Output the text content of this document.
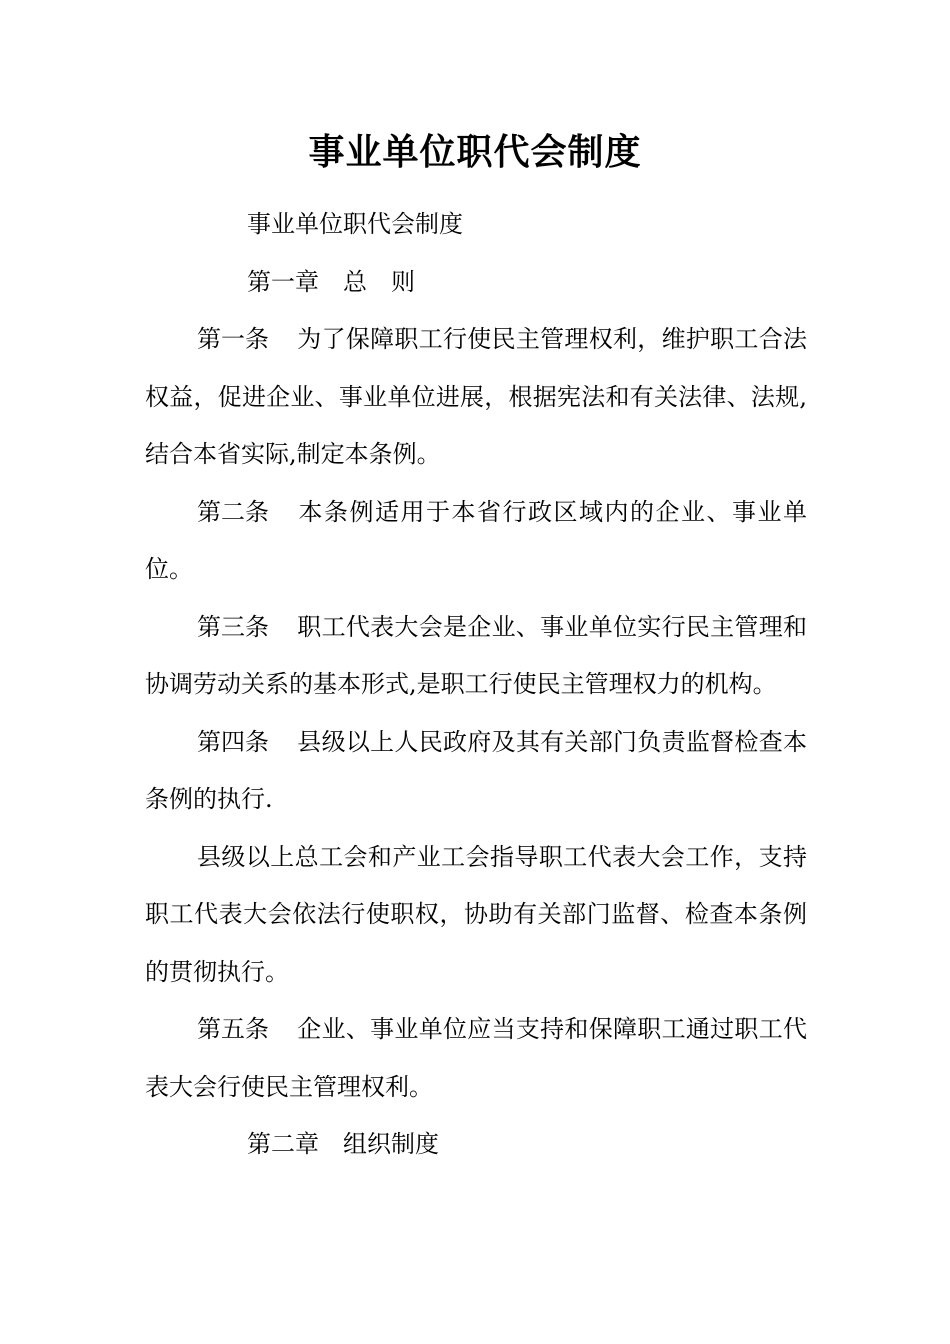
事业单位职代会制度

事业单位职代会制度

第一章 总 则

第一条 为了保障职工行使民主管理权利，维护职工合法权益，促进企业、事业单位进展，根据宪法和有关法律、法规,结合本省实际,制定本条例。

第二条 本条例适用于本省行政区域内的企业、事业单位。

第三条 职工代表大会是企业、事业单位实行民主管理和协调劳动关系的基本形式,是职工行使民主管理权力的机构。

第四条 县级以上人民政府及其有关部门负责监督检查本条例的执行.

县级以上总工会和产业工会指导职工代表大会工作，支持职工代表大会依法行使职权，协助有关部门监督、检查本条例的贯彻执行。

第五条 企业、事业单位应当支持和保障职工通过职工代表大会行使民主管理权利。

第二章 组织制度
